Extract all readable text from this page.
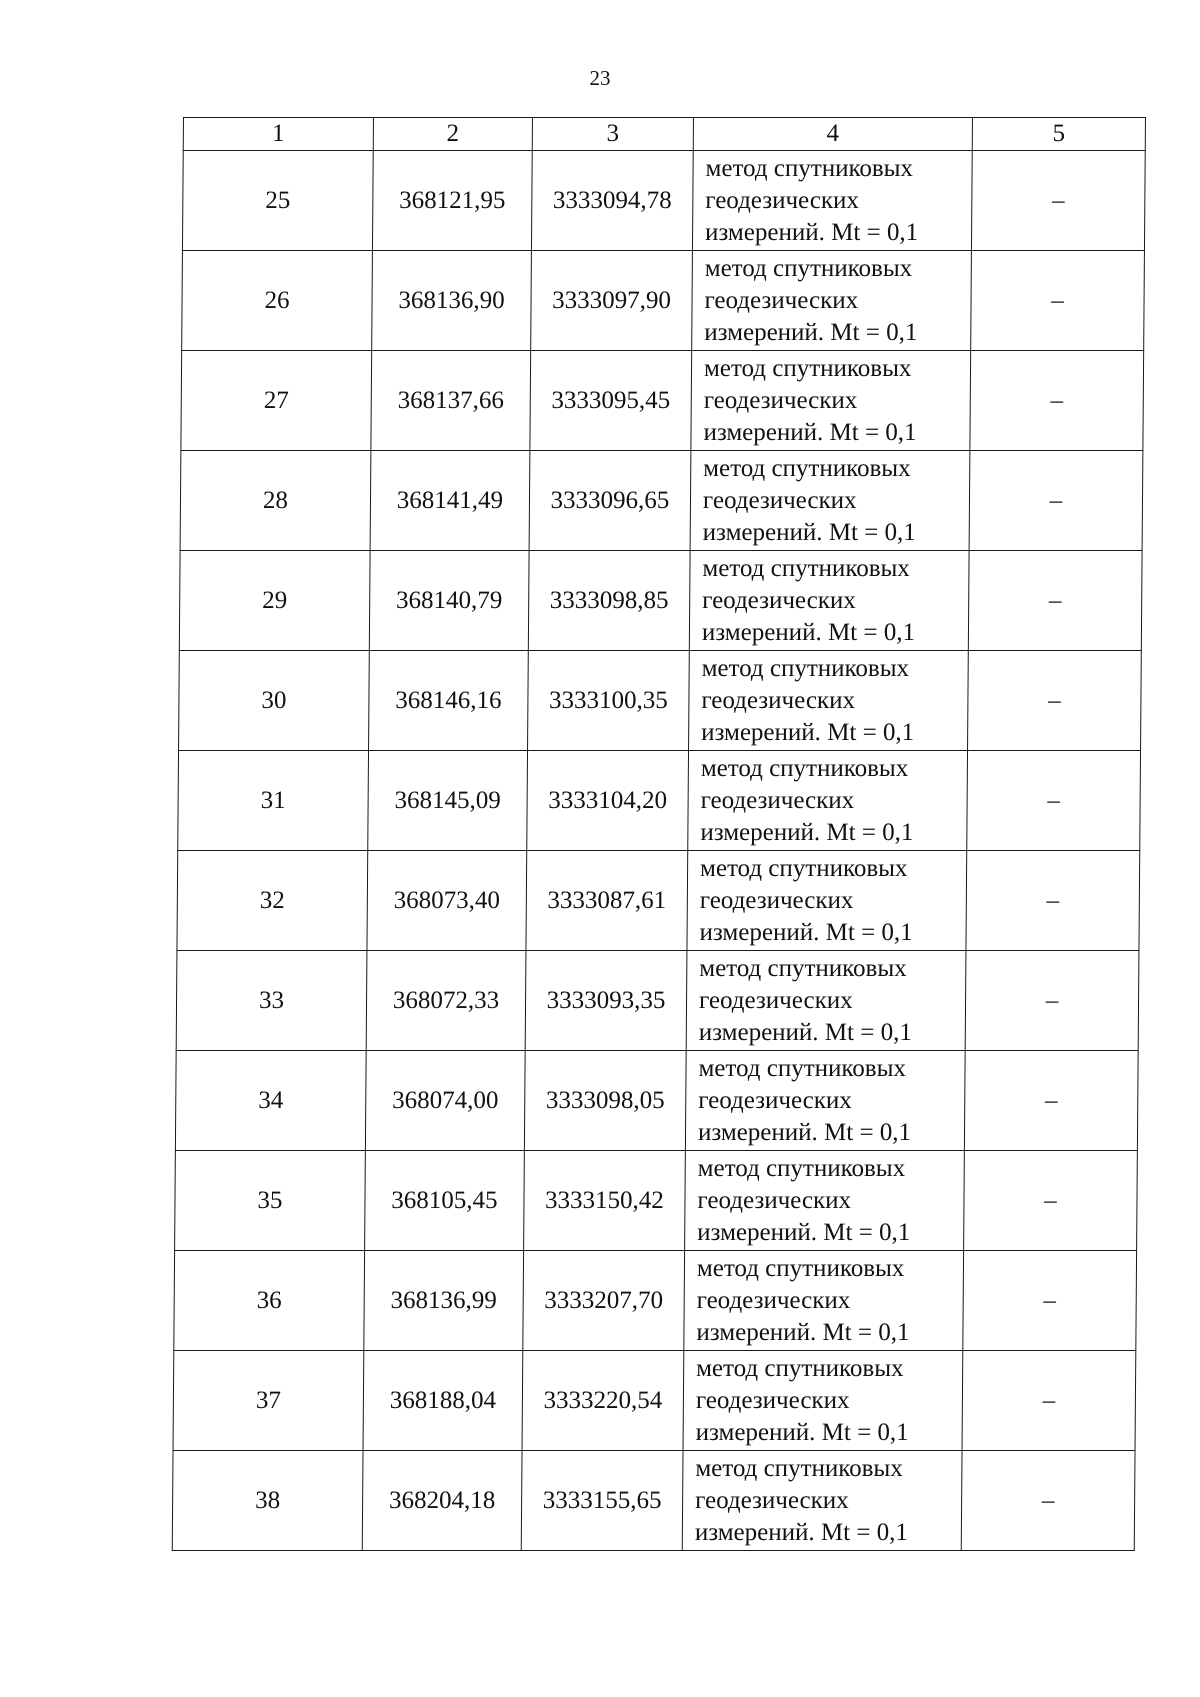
23
1	2	3	4	5
25	368121,95	3333094,78	метод спутниковых
геодезических
измерений. Mt = 0,1	–
26	368136,90	3333097,90	метод спутниковых
геодезических
измерений. Mt = 0,1	–
27	368137,66	3333095,45	метод спутниковых
геодезических
измерений. Mt = 0,1	–
28	368141,49	3333096,65	метод спутниковых
геодезических
измерений. Mt = 0,1	–
29	368140,79	3333098,85	метод спутниковых
геодезических
измерений. Mt = 0,1	–
30	368146,16	3333100,35	метод спутниковых
геодезических
измерений. Mt = 0,1	–
31	368145,09	3333104,20	метод спутниковых
геодезических
измерений. Mt = 0,1	–
32	368073,40	3333087,61	метод спутниковых
геодезических
измерений. Mt = 0,1	–
33	368072,33	3333093,35	метод спутниковых
геодезических
измерений. Mt = 0,1	–
34	368074,00	3333098,05	метод спутниковых
геодезических
измерений. Mt = 0,1	–
35	368105,45	3333150,42	метод спутниковых
геодезических
измерений. Mt = 0,1	–
36	368136,99	3333207,70	метод спутниковых
геодезических
измерений. Mt = 0,1	–
37	368188,04	3333220,54	метод спутниковых
геодезических
измерений. Mt = 0,1	–
38	368204,18	3333155,65	метод спутниковых
геодезических
измерений. Mt = 0,1	–
